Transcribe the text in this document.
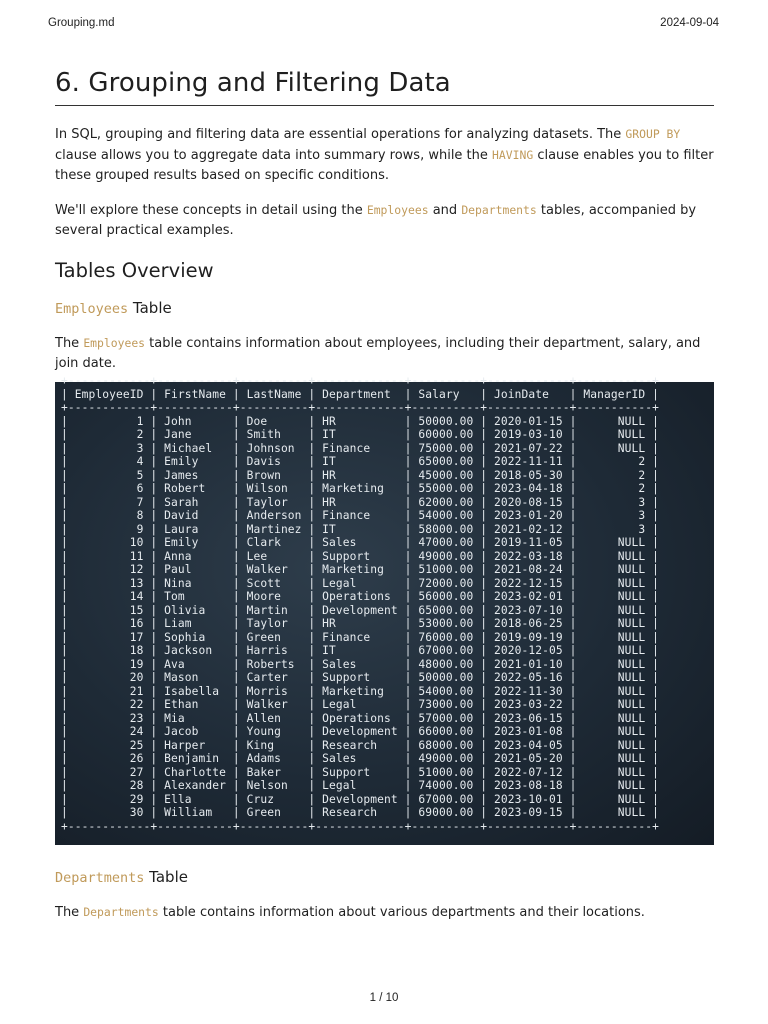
Grouping.md	2024-09-04
6. Grouping and Filtering Data

In SQL, grouping and filtering data are essential operations for analyzing datasets. The GROUP BY clause allows you to aggregate data into summary rows, while the HAVING clause enables you to filter these grouped results based on specific conditions.

We'll explore these concepts in detail using the Employees and Departments tables, accompanied by several practical examples.

Tables Overview
Employees Table

The Employees table contains information about employees, including their department, salary, and join date.

+------------+-----------+----------+-------------+----------+------------+-----------+
| EmployeeID | FirstName | LastName | Department  | Salary   | JoinDate   | ManagerID |
+------------+-----------+----------+-------------+----------+------------+-----------+
|          1 | John      | Doe      | HR          | 50000.00 | 2020-01-15 |      NULL |
|          2 | Jane      | Smith    | IT          | 60000.00 | 2019-03-10 |      NULL |
|          3 | Michael   | Johnson  | Finance     | 75000.00 | 2021-07-22 |      NULL |
|          4 | Emily     | Davis    | IT          | 65000.00 | 2022-11-11 |         2 |
|          5 | James     | Brown    | HR          | 45000.00 | 2018-05-30 |         2 |
|          6 | Robert    | Wilson   | Marketing   | 55000.00 | 2023-04-18 |         2 |
|          7 | Sarah     | Taylor   | HR          | 62000.00 | 2020-08-15 |         3 |
|          8 | David     | Anderson | Finance     | 54000.00 | 2023-01-20 |         3 |
|          9 | Laura     | Martinez | IT          | 58000.00 | 2021-02-12 |         3 |
|         10 | Emily     | Clark    | Sales       | 47000.00 | 2019-11-05 |      NULL |
|         11 | Anna      | Lee      | Support     | 49000.00 | 2022-03-18 |      NULL |
|         12 | Paul      | Walker   | Marketing   | 51000.00 | 2021-08-24 |      NULL |
|         13 | Nina      | Scott    | Legal       | 72000.00 | 2022-12-15 |      NULL |
|         14 | Tom       | Moore    | Operations  | 56000.00 | 2023-02-01 |      NULL |
|         15 | Olivia    | Martin   | Development | 65000.00 | 2023-07-10 |      NULL |
|         16 | Liam      | Taylor   | HR          | 53000.00 | 2018-06-25 |      NULL |
|         17 | Sophia    | Green    | Finance     | 76000.00 | 2019-09-19 |      NULL |
|         18 | Jackson   | Harris   | IT          | 67000.00 | 2020-12-05 |      NULL |
|         19 | Ava       | Roberts  | Sales       | 48000.00 | 2021-01-10 |      NULL |
|         20 | Mason     | Carter   | Support     | 50000.00 | 2022-05-16 |      NULL |
|         21 | Isabella  | Morris   | Marketing   | 54000.00 | 2022-11-30 |      NULL |
|         22 | Ethan     | Walker   | Legal       | 73000.00 | 2023-03-22 |      NULL |
|         23 | Mia       | Allen    | Operations  | 57000.00 | 2023-06-15 |      NULL |
|         24 | Jacob     | Young    | Development | 66000.00 | 2023-01-08 |      NULL |
|         25 | Harper    | King     | Research    | 68000.00 | 2023-04-05 |      NULL |
|         26 | Benjamin  | Adams    | Sales       | 49000.00 | 2021-05-20 |      NULL |
|         27 | Charlotte | Baker    | Support     | 51000.00 | 2022-07-12 |      NULL |
|         28 | Alexander | Nelson   | Legal       | 74000.00 | 2023-08-18 |      NULL |
|         29 | Ella      | Cruz     | Development | 67000.00 | 2023-10-01 |      NULL |
|         30 | William   | Green    | Research    | 69000.00 | 2023-09-15 |      NULL |
+------------+-----------+----------+-------------+----------+------------+-----------+
Departments Table

The Departments table contains information about various departments and their locations.

1 / 10
